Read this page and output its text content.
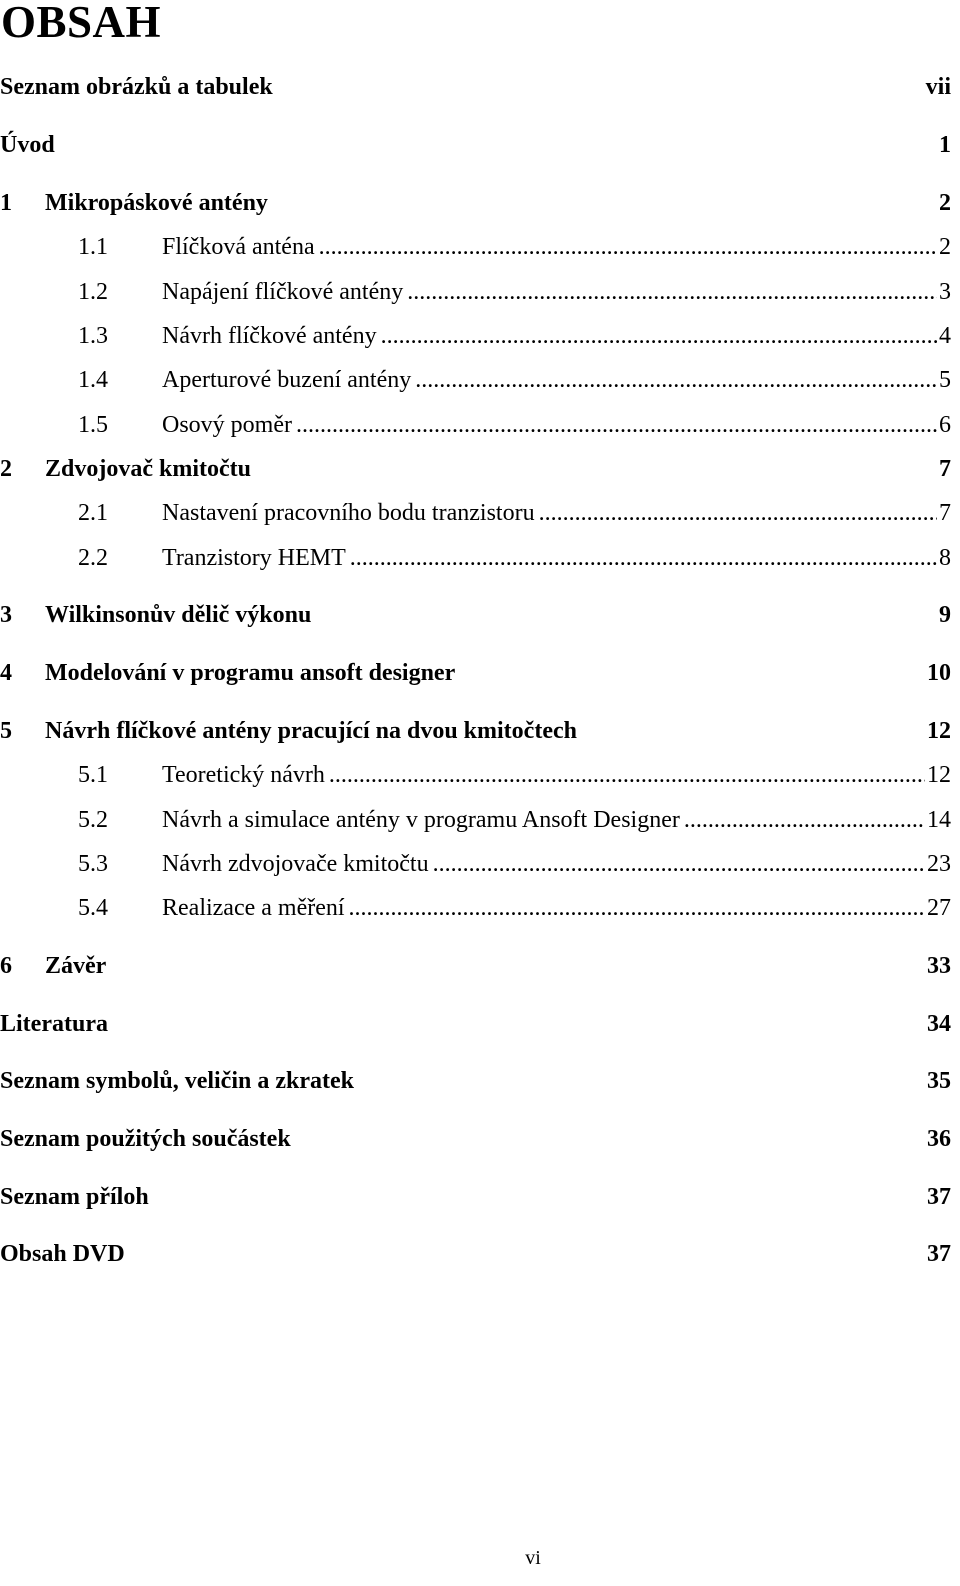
OBSAH
Seznam obrázků a tabulek	vii
Úvod	1
1	Mikropáskové antény	2
1.1	Flíčková anténa .....	2
1.2	Napájení flíčkové antény .....	3
1.3	Návrh flíčkové antény .....	4
1.4	Aperturové buzení antény .....	5
1.5	Osový poměr .....	6
2	Zdvojovač kmitočtu	7
2.1	Nastavení pracovního bodu tranzistoru .....	7
2.2	Tranzistory HEMT .....	8
3	Wilkinsonův dělič výkonu	9
4	Modelování v programu ansoft designer	10
5	Návrh flíčkové antény pracující na dvou kmitočtech	12
5.1	Teoretický návrh .....	12
5.2	Návrh a simulace antény v programu Ansoft Designer .....	14
5.3	Návrh zdvojovače kmitočtu .....	23
5.4	Realizace a měření .....	27
6	Závěr	33
Literatura	34
Seznam symbolů, veličin a zkratek	35
Seznam použitých součástek	36
Seznam příloh	37
Obsah DVD	37
vi
